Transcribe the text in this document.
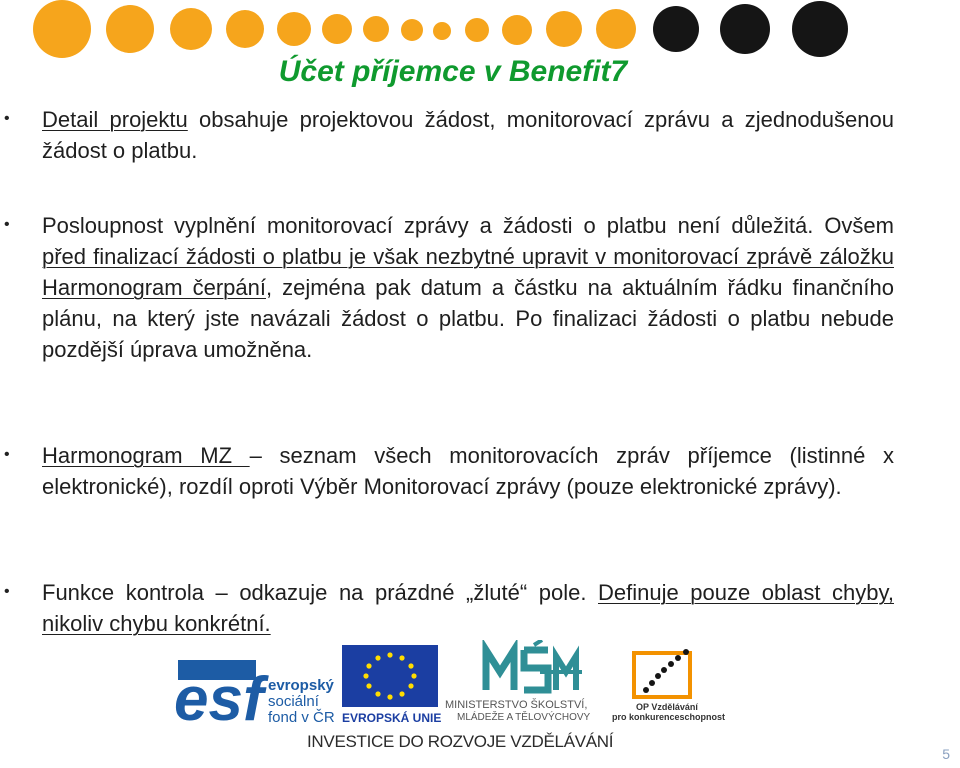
Účet příjemce v Benefit7
• Detail projektu obsahuje projektovou žádost, monitorovací zprávu a zjednodušenou žádost o platbu.
• Posloupnost vyplnění monitorovací zprávy a žádosti o platbu není důležitá. Ovšem před finalizací žádosti o platbu je však nezbytné upravit v monitorovací zprávě záložku Harmonogram čerpání, zejména pak datum a částku na aktuálním řádku finančního plánu, na který jste navázali žádost o platbu. Po finalizaci žádosti o platbu nebude pozdější úprava umožněna.
• Harmonogram MZ – seznam všech monitorovacích zpráv příjemce (listinné x elektronické), rozdíl oproti Výběr Monitorovací zprávy (pouze elektronické zprávy).
• Funkce kontrola – odkazuje na prázdné „žluté“ pole. Definuje pouze oblast chyby, nikoliv chybu konkrétní.
esf evropský
sociální
fond v ČR EVROPSKÁ UNIE
MINISTERSTVO ŠKOLSTVÍ,
MLÁDEŽE A TĚLOVÝCHOVY
OP Vzdělávání
pro konkurenceschopnost
INVESTICE DO ROZVOJE VZDĚLÁVÁNÍ
5
